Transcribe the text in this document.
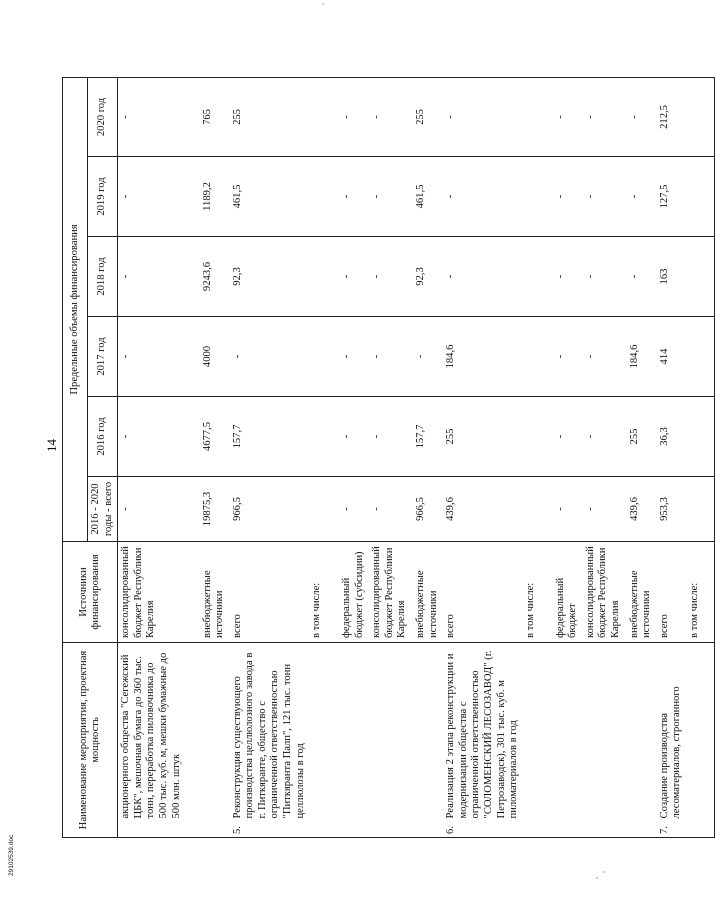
14
Наименование мероприятия, проектная мощность		Источники финансирования	Предельные объемы финансирования					
			2016 - 2020 годы - всего	2016 год	2017 год	2018 год	2019 год	2020 год
	акционерного общества "Сегежский ЦБК", мешочная бумага до 360 тыс. тонн, переработка пиловочника до 500 тыс. куб. м, мешки бумажные до 500 млн. штук	консолидированный бюджет Республики Карелия	-	-	-	-	-	-
		внебюджетные источники	19875,3	4677,5	4000	9243,6	1189,2	765
5.	Реконструкция существующего производства целлюлозного завода в г. Питкяранте, общество с ограниченной ответственностью "Питкяранта Палп", 121 тыс. тонн целлюлозы в год	всего	966,5	157,7	-	92,3	461,5	255
		в том числе:						
		федеральный бюджет (субсидии)	-	-	-	-	-	-
		консолидированный бюджет Республики Карелия	-	-	-	-	-	-
		внебюджетные источники	966,5	157,7	-	92,3	461,5	255
6.	Реализация 2 этапа реконструкции и модернизации общества с ограниченной ответственностью "СОЛОМЕНСКИЙ ЛЕСОЗАВОД" (г. Петрозаводск), 301 тыс. куб. м пиломатериалов в год	всего	439,6	255	184,6	-	-	-
		в том числе:						
		федеральный бюджет	-	-	-	-	-	-
		консолидированный бюджет Республики Карелия	-	-	-	-	-	-
		внебюджетные источники	439,6	255	184,6	-	-	-
7.	Создание производства лесоматериалов, строганного	всего	953,3	36,3	414	163	127,5	212,5
		в том числе:						
29102539.doc
